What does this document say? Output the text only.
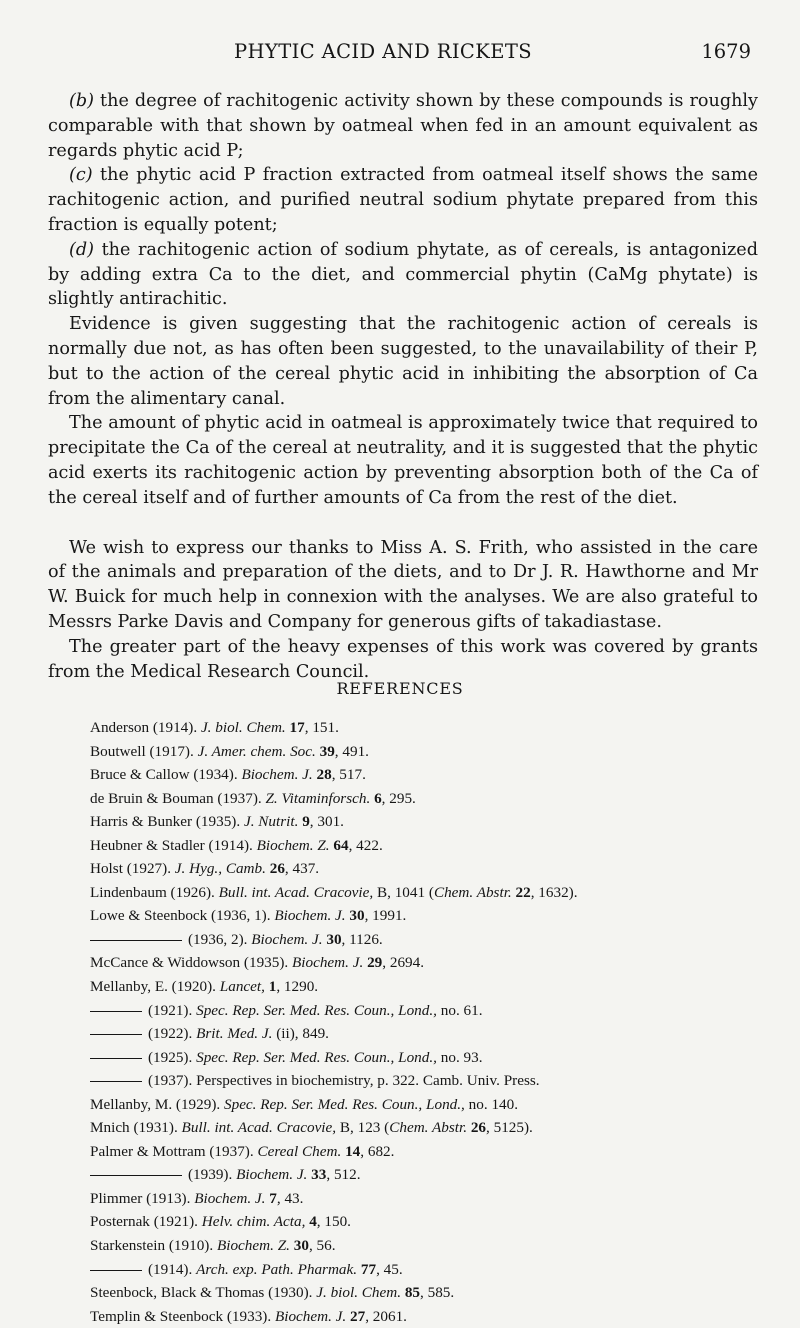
PHYTIC ACID AND RICKETS	1679

(b) the degree of rachitogenic activity shown by these compounds is roughly comparable with that shown by oatmeal when fed in an amount equivalent as regards phytic acid P;

(c) the phytic acid P fraction extracted from oatmeal itself shows the same rachitogenic action, and purified neutral sodium phytate prepared from this fraction is equally potent;

(d) the rachitogenic action of sodium phytate, as of cereals, is antagonized by adding extra Ca to the diet, and commercial phytin (CaMg phytate) is slightly antirachitic.

Evidence is given suggesting that the rachitogenic action of cereals is normally due not, as has often been suggested, to the unavailability of their P, but to the action of the cereal phytic acid in inhibiting the absorption of Ca from the alimentary canal.

The amount of phytic acid in oatmeal is approximately twice that required to precipitate the Ca of the cereal at neutrality, and it is suggested that the phytic acid exerts its rachitogenic action by preventing absorption both of the Ca of the cereal itself and of further amounts of Ca from the rest of the diet.

We wish to express our thanks to Miss A. S. Frith, who assisted in the care of the animals and preparation of the diets, and to Dr J. R. Hawthorne and Mr W. Buick for much help in connexion with the analyses. We are also grateful to Messrs Parke Davis and Company for generous gifts of takadiastase.

The greater part of the heavy expenses of this work was covered by grants from the Medical Research Council.

REFERENCES
Anderson (1914). J. biol. Chem. 17, 151.
Boutwell (1917). J. Amer. chem. Soc. 39, 491.
Bruce & Callow (1934). Biochem. J. 28, 517.
de Bruin & Bouman (1937). Z. Vitaminforsch. 6, 295.
Harris & Bunker (1935). J. Nutrit. 9, 301.
Heubner & Stadler (1914). Biochem. Z. 64, 422.
Holst (1927). J. Hyg., Camb. 26, 437.
Lindenbaum (1926). Bull. int. Acad. Cracovie, B, 1041 (Chem. Abstr. 22, 1632).
Lowe & Steenbock (1936, 1). Biochem. J. 30, 1991.
(1936, 2). Biochem. J. 30, 1126.
McCance & Widdowson (1935). Biochem. J. 29, 2694.
Mellanby, E. (1920). Lancet, 1, 1290.
(1921). Spec. Rep. Ser. Med. Res. Coun., Lond., no. 61.
(1922). Brit. Med. J. (ii), 849.
(1925). Spec. Rep. Ser. Med. Res. Coun., Lond., no. 93.
(1937). Perspectives in biochemistry, p. 322. Camb. Univ. Press.
Mellanby, M. (1929). Spec. Rep. Ser. Med. Res. Coun., Lond., no. 140.
Mnich (1931). Bull. int. Acad. Cracovie, B, 123 (Chem. Abstr. 26, 5125).
Palmer & Mottram (1937). Cereal Chem. 14, 682.
(1939). Biochem. J. 33, 512.
Plimmer (1913). Biochem. J. 7, 43.
Posternak (1921). Helv. chim. Acta, 4, 150.
Starkenstein (1910). Biochem. Z. 30, 56.
(1914). Arch. exp. Path. Pharmak. 77, 45.
Steenbock, Black & Thomas (1930). J. biol. Chem. 85, 585.
Templin & Steenbock (1933). Biochem. J. 27, 2061.
